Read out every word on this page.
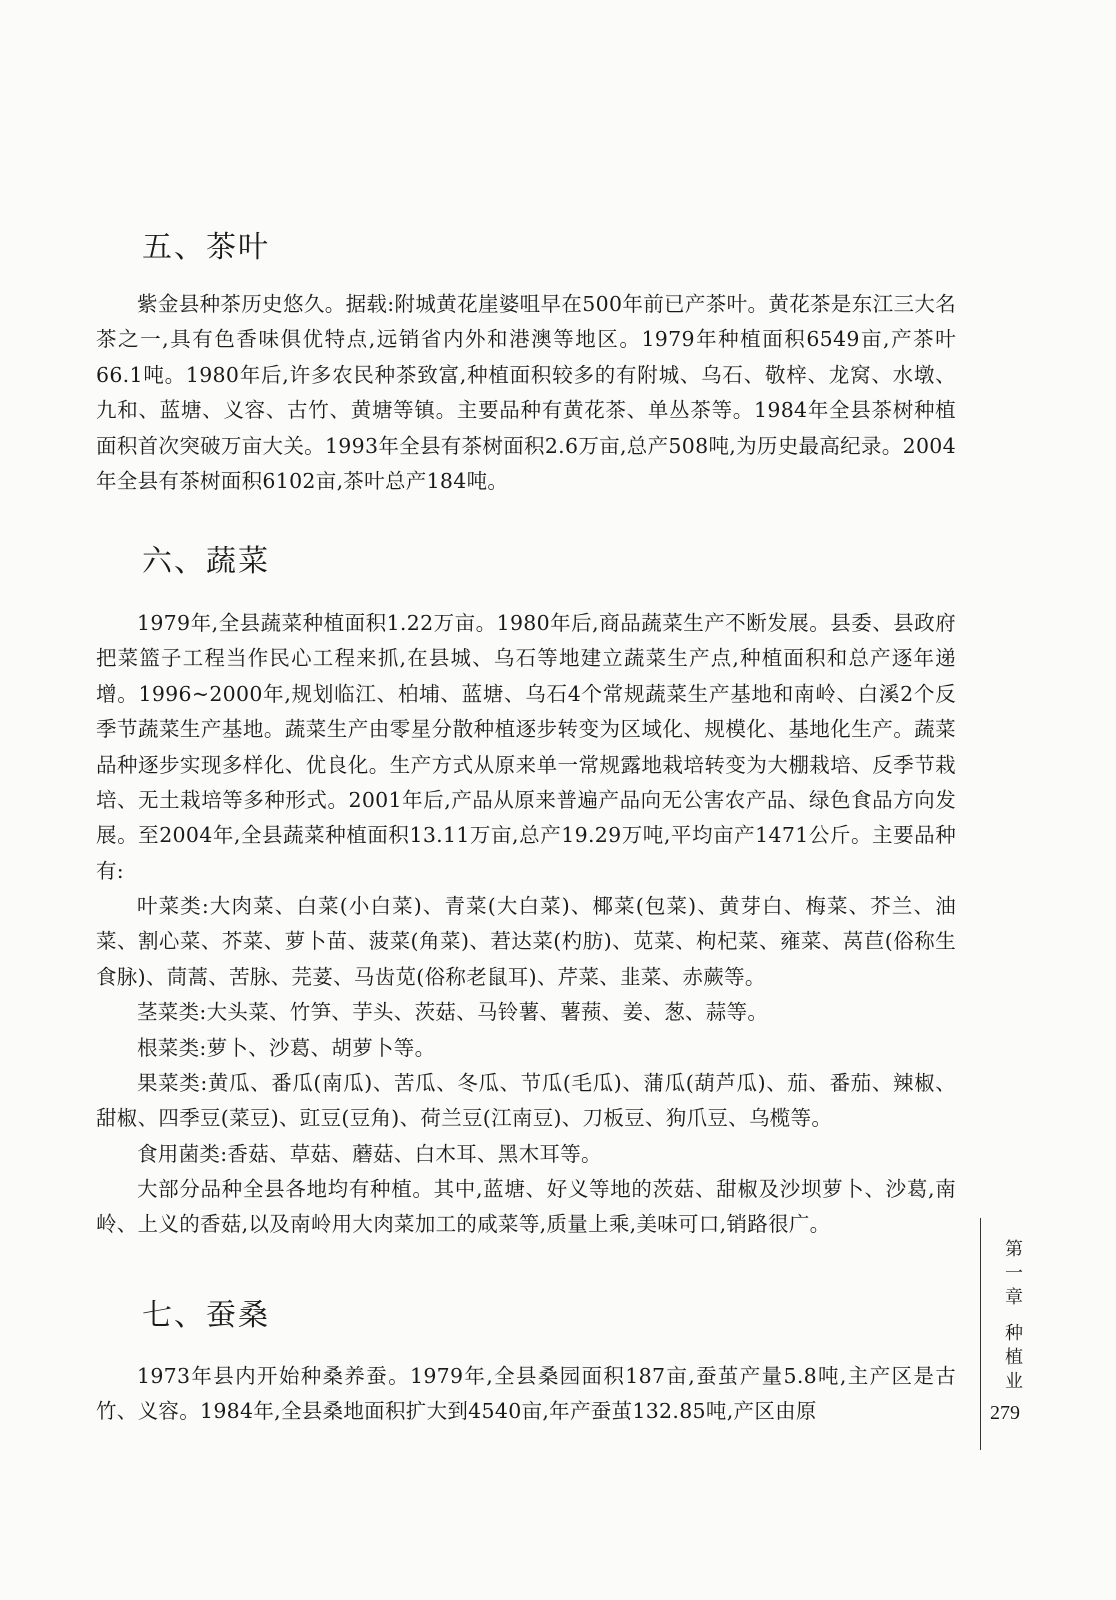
五、茶叶

紫金县种茶历史悠久。据载:附城黄花崖婆咀早在500年前已产茶叶。黄花茶是东江三大名茶之一,具有色香味俱优特点,远销省内外和港澳等地区。1979年种植面积6549亩,产茶叶66.1吨。1980年后,许多农民种茶致富,种植面积较多的有附城、乌石、敬梓、龙窝、水墩、九和、蓝塘、义容、古竹、黄塘等镇。主要品种有黄花茶、单丛茶等。1984年全县茶树种植面积首次突破万亩大关。1993年全县有茶树面积2.6万亩,总产508吨,为历史最高纪录。2004年全县有茶树面积6102亩,茶叶总产184吨。

六、蔬菜

1979年,全县蔬菜种植面积1.22万亩。1980年后,商品蔬菜生产不断发展。县委、县政府把菜篮子工程当作民心工程来抓,在县城、乌石等地建立蔬菜生产点,种植面积和总产逐年递增。1996~2000年,规划临江、柏埔、蓝塘、乌石4个常规蔬菜生产基地和南岭、白溪2个反季节蔬菜生产基地。蔬菜生产由零星分散种植逐步转变为区域化、规模化、基地化生产。蔬菜品种逐步实现多样化、优良化。生产方式从原来单一常规露地栽培转变为大棚栽培、反季节栽培、无土栽培等多种形式。2001年后,产品从原来普遍产品向无公害农产品、绿色食品方向发展。至2004年,全县蔬菜种植面积13.11万亩,总产19.29万吨,平均亩产1471公斤。主要品种有:

叶菜类:大肉菜、白菜(小白菜)、青菜(大白菜)、椰菜(包菜)、黄芽白、梅菜、芥兰、油菜、割心菜、芥菜、萝卜苗、菠菜(角菜)、莙达菜(杓肪)、苋菜、枸杞菜、雍菜、莴苣(俗称生食脉)、茼蒿、苦脉、芫荽、马齿苋(俗称老鼠耳)、芹菜、韭菜、赤蕨等。

茎菜类:大头菜、竹笋、芋头、茨菇、马铃薯、薯蓣、姜、葱、蒜等。

根菜类:萝卜、沙葛、胡萝卜等。

果菜类:黄瓜、番瓜(南瓜)、苦瓜、冬瓜、节瓜(毛瓜)、蒲瓜(葫芦瓜)、茄、番茄、辣椒、甜椒、四季豆(菜豆)、豇豆(豆角)、荷兰豆(江南豆)、刀板豆、狗爪豆、乌榄等。

食用菌类:香菇、草菇、蘑菇、白木耳、黑木耳等。

大部分品种全县各地均有种植。其中,蓝塘、好义等地的茨菇、甜椒及沙坝萝卜、沙葛,南岭、上义的香菇,以及南岭用大肉菜加工的咸菜等,质量上乘,美味可口,销路很广。

七、蚕桑

1973年县内开始种桑养蚕。1979年,全县桑园面积187亩,蚕茧产量5.8吨,主产区是古竹、义容。1984年,全县桑地面积扩大到4540亩,年产蚕茧132.85吨,产区由原

第
一
章
种
植
业
279
